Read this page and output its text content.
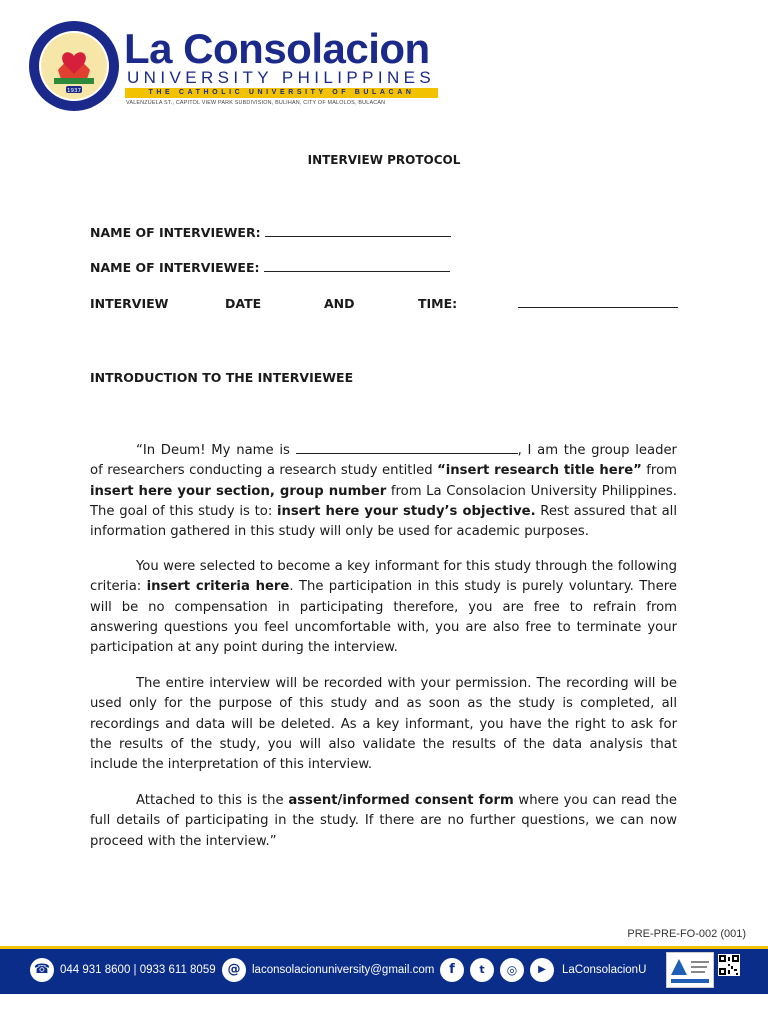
1937
La Consolacion
UNIVERSITY PHILIPPINES
THE CATHOLIC UNIVERSITY OF BULACAN
VALENZUELA ST., CAPITOL VIEW PARK SUBDIVISION, BULIHAN, CITY OF MALOLOS, BULACAN
INTERVIEW PROTOCOL
NAME OF INTERVIEWER:
NAME OF INTERVIEWEE:
INTERVIEW	DATE	AND	TIME:
INTRODUCTION TO THE INTERVIEWEE

“In Deum! My name is	, I am the group leader of researchers conducting a research study entitled “insert research title here” from insert here your section, group number from La Consolacion University Philippines. The goal of this study is to: insert here your study’s objective. Rest assured that all information gathered in this study will only be used for academic purposes.

You were selected to become a key informant for this study through the following criteria: insert criteria here. The participation in this study is purely voluntary. There will be no compensation in participating therefore, you are free to refrain from answering questions you feel uncomfortable with, you are also free to terminate your participation at any point during the interview.

The entire interview will be recorded with your permission. The recording will be used only for the purpose of this study and as soon as the study is completed, all recordings and data will be deleted. As a key informant, you have the right to ask for the results of the study, you will also validate the results of the data analysis that include the interpretation of this interview.

Attached to this is the assent/informed consent form where you can read the full details of participating in the study. If there are no further questions, we can now proceed with the interview.”

PRE-PRE-FO-002 (001)
☎ 044 931 8600 | 0933 611 8059 @	laconsolacionuniversity@gmail.com	f	t	◎	▶	LaConsolacionU
